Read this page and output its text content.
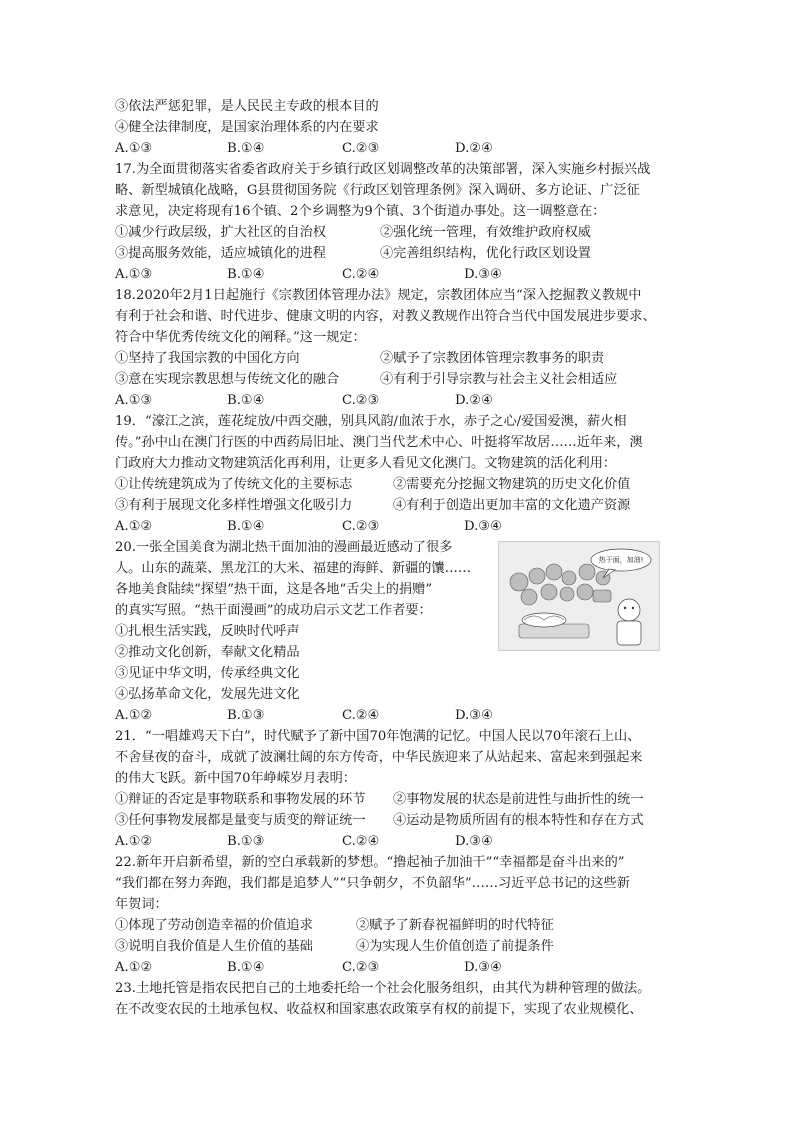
③依法严惩犯罪，是人民民主专政的根本目的
④健全法律制度，是国家治理体系的内在要求
A.①③	B.①④	C.②③	D.②④
17.为全面贯彻落实省委省政府关于乡镇行政区划调整改革的决策部署，深入实施乡村振兴战
略、新型城镇化战略，G县贯彻国务院《行政区划管理条例》深入调研、多方论证、广泛征
求意见，决定将现有16个镇、2个乡调整为9个镇、3个街道办事处。这一调整意在：
①减少行政层级，扩大社区的自治权	②强化统一管理，有效维护政府权威
③提高服务效能，适应城镇化的进程	④完善组织结构，优化行政区划设置
A.①③	B.①④	C.②④	D.③④
18.2020年2月1日起施行《宗教团体管理办法》规定，宗教团体应当“深入挖掘教义教规中
有利于社会和谐、时代进步、健康文明的内容，对教义教规作出符合当代中国发展进步要求、
符合中华优秀传统文化的阐释。”这一规定：
①坚持了我国宗教的中国化方向	②赋予了宗教团体管理宗教事务的职责
③意在实现宗教思想与传统文化的融合	④有利于引导宗教与社会主义社会相适应
A.①③	B.①④	C.②③	D.②④
19．“濠江之滨，莲花绽放/中西交融，别具风韵/血浓于水，赤子之心/爱国爱澳，薪火相
传。”孙中山在澳门行医的中西药局旧址、澳门当代艺术中心、叶挺将军故居……近年来，澳
门政府大力推动文物建筑活化再利用，让更多人看见文化澳门。文物建筑的活化利用：
①让传统建筑成为了传统文化的主要标志	②需要充分挖掘文物建筑的历史文化价值
③有利于展现文化多样性增强文化吸引力	④有利于创造出更加丰富的文化遗产资源
A.①②	B.①④	C.②③	D.③④
20.一张全国美食为湖北热干面加油的漫画最近感动了很多
人。山东的蔬菜、黑龙江的大米、福建的海鲜、新疆的馕……
各地美食陆续“探望”热干面，这是各地“舌尖上的捐赠”
的真实写照。“热干面漫画”的成功启示文艺工作者要：
①扎根生活实践，反映时代呼声
②推动文化创新，奉献文化精品
③见证中华文明，传承经典文化
④弘扬革命文化，发展先进文化
A.①②	B.①③	C.②④	D.③④
热干面，加油!
21．“一唱雄鸡天下白”，时代赋予了新中国70年饱满的记忆。中国人民以70年滚石上山、
不舍昼夜的奋斗，成就了波澜壮阔的东方传奇，中华民族迎来了从站起来、富起来到强起来
的伟大飞跃。新中国70年峥嵘岁月表明：
①辩证的否定是事物联系和事物发展的环节 ②事物发展的状态是前进性与曲折性的统一
③任何事物发展都是量变与质变的辩证统一 ④运动是物质所固有的根本特性和存在方式
A.①②	B.①③	C.②④	D.③④
22.新年开启新希望，新的空白承载新的梦想。“撸起袖子加油干”“幸福都是奋斗出来的”
“我们都在努力奔跑，我们都是追梦人”“只争朝夕，不负韶华”……习近平总书记的这些新
年贺词：
①体现了劳动创造幸福的价值追求	②赋予了新春祝福鲜明的时代特征
③说明自我价值是人生价值的基础	④为实现人生价值创造了前提条件
A.①②	B.①④	C.②③	D.③④
23.土地托管是指农民把自己的土地委托给一个社会化服务组织，由其代为耕种管理的做法。
在不改变农民的土地承包权、收益权和国家惠农政策享有权的前提下，实现了农业规模化、
